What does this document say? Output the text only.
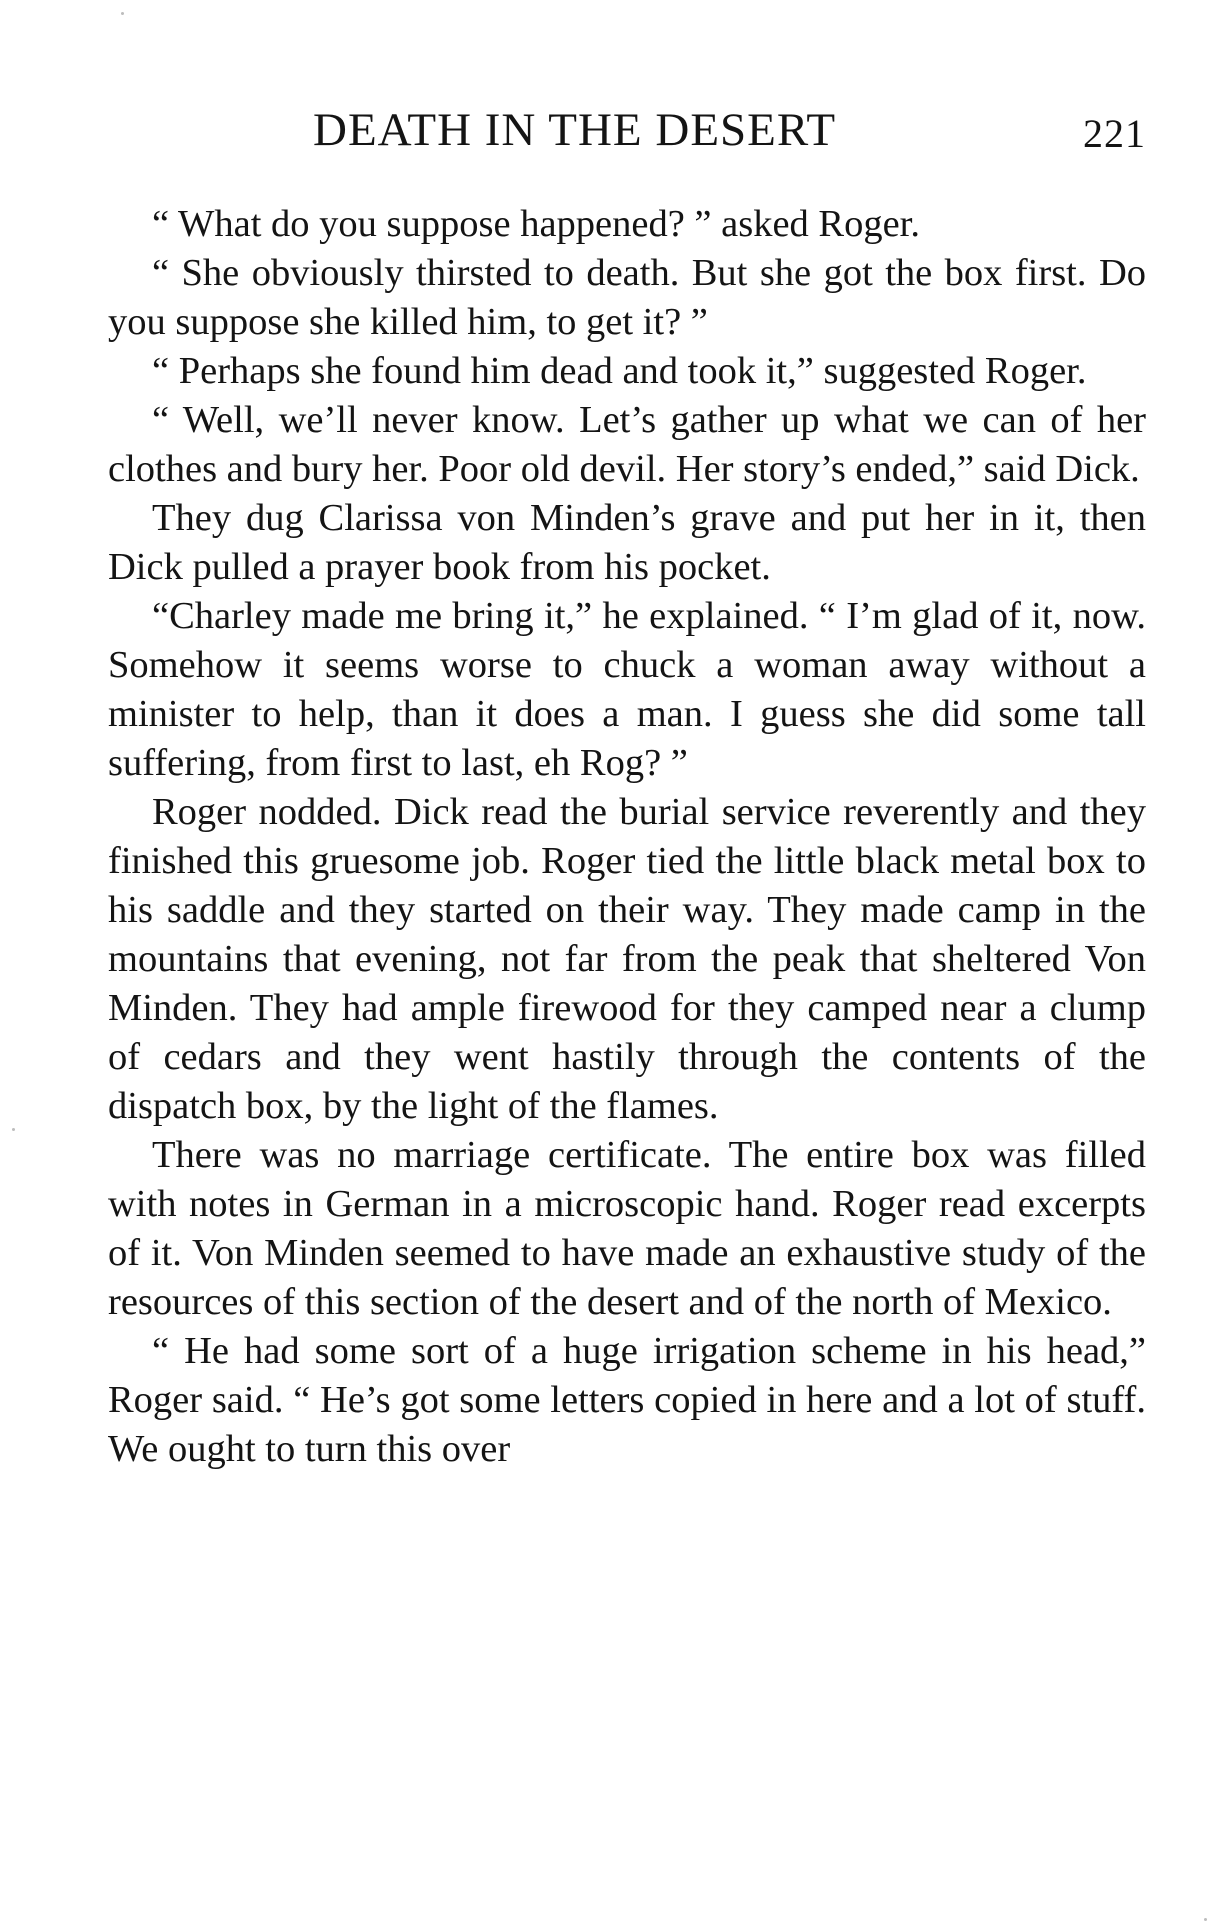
DEATH IN THE DESERT	221

“ What do you suppose happened? ” asked Roger.

“ She obviously thirsted to death. But she got the box first. Do you suppose she killed him, to get it? ”

“ Perhaps she found him dead and took it,” suggested Roger.

“ Well, we’ll never know. Let’s gather up what we can of her clothes and bury her. Poor old devil. Her story’s ended,” said Dick.

They dug Clarissa von Minden’s grave and put her in it, then Dick pulled a prayer book from his pocket.

“Charley made me bring it,” he explained. “ I’m glad of it, now. Somehow it seems worse to chuck a woman away without a minister to help, than it does a man. I guess she did some tall suffering, from first to last, eh Rog? ”

Roger nodded. Dick read the burial service reverently and they finished this gruesome job. Roger tied the little black metal box to his saddle and they started on their way. They made camp in the mountains that evening, not far from the peak that sheltered Von Minden. They had ample firewood for they camped near a clump of cedars and they went hastily through the contents of the dispatch box, by the light of the flames.

There was no marriage certificate. The entire box was filled with notes in German in a microscopic hand. Roger read excerpts of it. Von Minden seemed to have made an exhaustive study of the resources of this section of the desert and of the north of Mexico.

“ He had some sort of a huge irrigation scheme in his head,” Roger said. “ He’s got some letters copied in here and a lot of stuff. We ought to turn this over
